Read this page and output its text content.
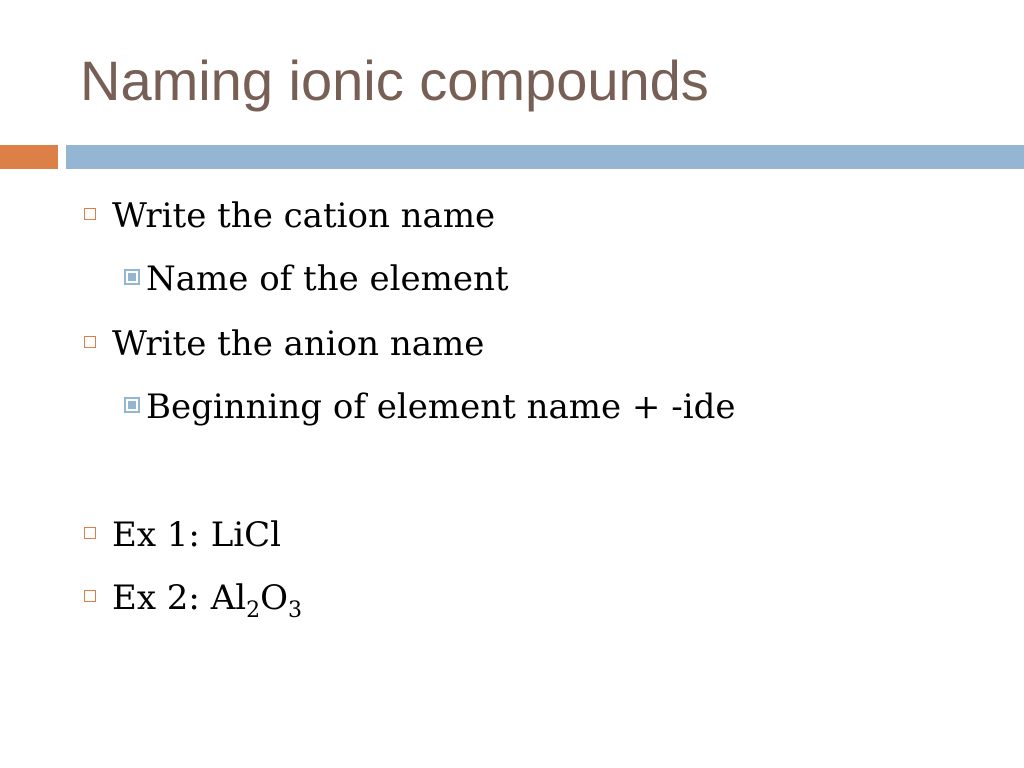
Naming ionic compounds
Write the cation name
Name of the element
Write the anion name
Beginning of element name + -ide
Ex 1: LiCl
Ex 2: $Al_2O_3$
